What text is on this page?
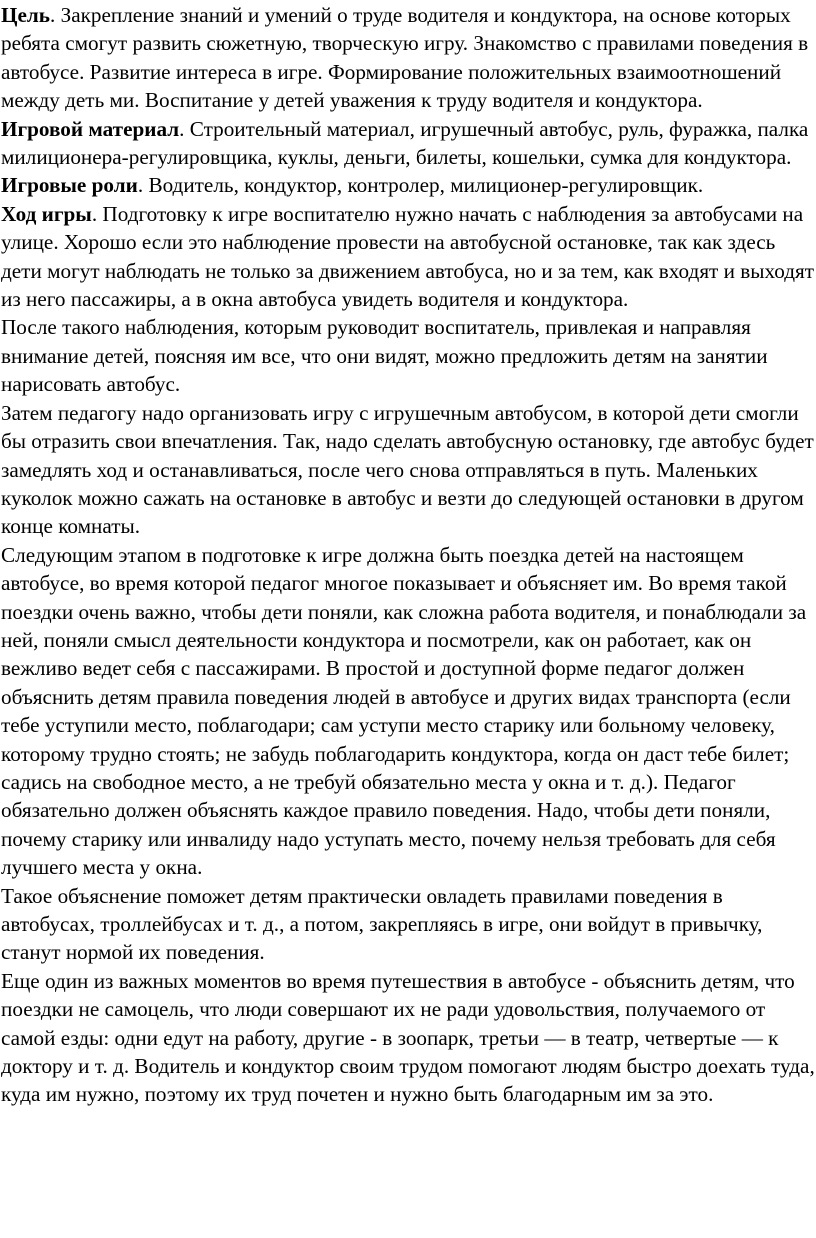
Цель. Закрепление знаний и умений о труде водителя и кондуктора, на основе которых ребята смогут развить сюжетную, творческую игру. Знакомство с правилами поведения в автобусе. Развитие интереса в игре. Формирование положительных взаимоотношений между деть ми. Воспитание у детей уважения к труду водителя и кондуктора.

Игровой материал. Строительный материал, игрушечный автобус, руль, фуражка, палка милиционера-регулировщика, куклы, деньги, билеты, кошельки, сумка для кондуктора.

Игровые роли. Водитель, кондуктор, контролер, милиционер-регулировщик.

Ход игры. Подготовку к игре воспитателю нужно начать с наблюдения за автобусами на улице. Хорошо если это наблюдение провести на автобусной остановке, так как здесь дети могут наблюдать не только за движением автобуса, но и за тем, как входят и выходят из него пассажиры, а в окна автобуса увидеть водителя и кондуктора.

После такого наблюдения, которым руководит воспитатель, привлекая и направляя внимание детей, поясняя им все, что они видят, можно предложить детям на занятии нарисовать автобус.

Затем педагогу надо организовать игру с игрушечным автобусом, в которой дети смогли бы отразить свои впечатления. Так, надо сделать автобусную остановку, где автобус будет замедлять ход и останавливаться, после чего снова отправляться в путь. Маленьких куколок можно сажать на остановке в автобус и везти до следующей остановки в другом конце комнаты.

Следующим этапом в подготовке к игре должна быть поездка детей на настоящем автобусе, во время которой педагог многое показывает и объясняет им. Во время такой поездки очень важно, чтобы дети поняли, как сложна работа водителя, и понаблюдали за ней, поняли смысл деятельности кондуктора и посмотрели, как он работает, как он вежливо ведет себя с пассажирами. В простой и доступной форме педагог должен объяснить детям правила поведения людей в автобусе и других видах транспорта (если тебе уступили место, поблагодари; сам уступи место старику или больному человеку, которому трудно стоять; не забудь поблагодарить кондуктора, когда он даст тебе билет; садись на свободное место, а не требуй обязательно места у окна и т. д.). Педагог обязательно должен объяснять каждое правило поведения. Надо, чтобы дети поняли, почему старику или инвалиду надо уступать место, почему нельзя требовать для себя лучшего места у окна.

Такое объяснение поможет детям практически овладеть правилами поведения в автобусах, троллейбусах и т. д., а потом, закрепляясь в игре, они войдут в привычку, станут нормой их поведения.

Еще один из важных моментов во время путешествия в автобусе - объяснить детям, что поездки не самоцель, что люди совершают их не ради удовольствия, получаемого от самой езды: одни едут на работу, другие - в зоопарк, третьи — в театр, четвертые — к доктору и т. д. Водитель и кондуктор своим трудом помогают людям быстро доехать туда, куда им нужно, поэтому их труд почетен и нужно быть благодарным им за это.
